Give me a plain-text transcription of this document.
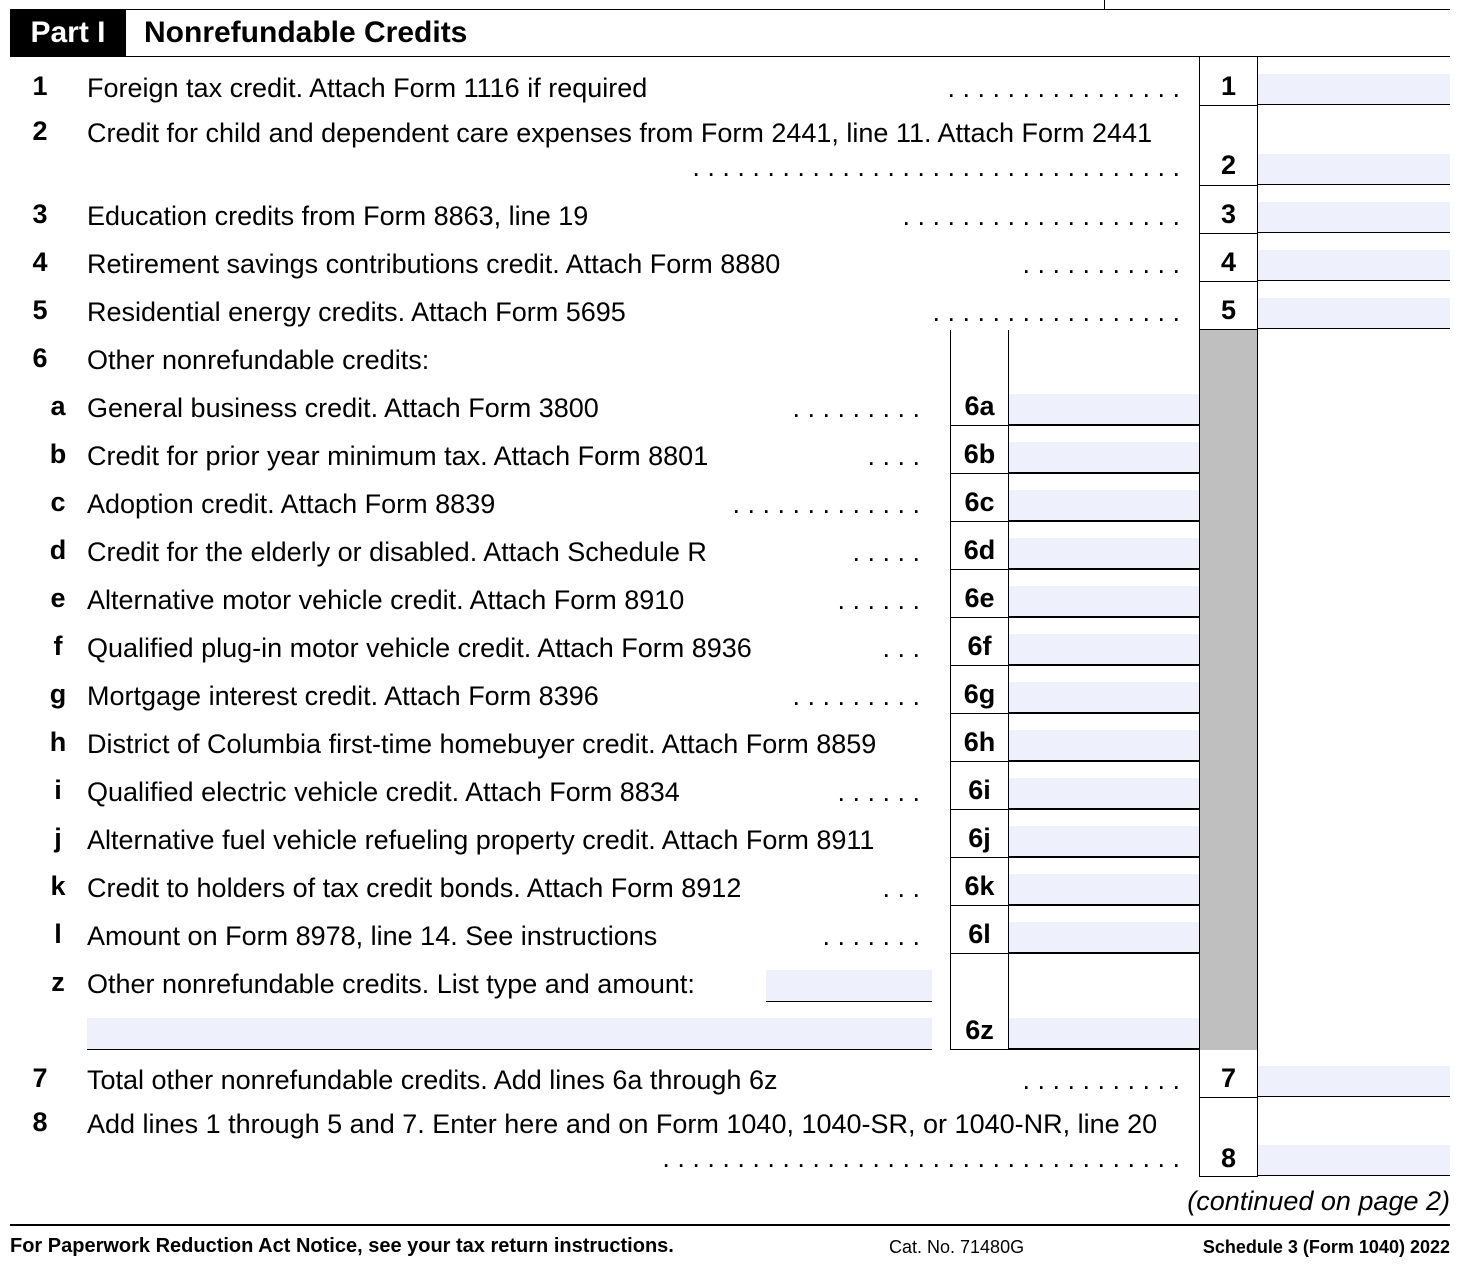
Part I	Nonrefundable Credits
1	Foreign tax credit. Attach Form 1116 if required	. . . . . . . . . . . . . . . .	1
2	Credit for child and dependent care expenses from Form 2441, line 11. Attach Form 2441
. . . . . . . . . . . . . . . . . . . . . . . . . . . . . . . . .	2
3	Education credits from Form 8863, line 19	. . . . . . . . . . . . . . . . . . .	3
4	Retirement savings contributions credit. Attach Form 8880	. . . . . . . . . . .	4
5	Residential energy credits. Attach Form 5695	. . . . . . . . . . . . . . . . .	5
6	Other nonrefundable credits:
a General business credit. Attach Form 3800	. . . . . . . . .	6a
b Credit for prior year minimum tax. Attach Form 8801	. . . .	6b
c Adoption credit. Attach Form 8839	. . . . . . . . . . . . .	6c
d Credit for the elderly or disabled. Attach Schedule R	. . . . .	6d
e Alternative motor vehicle credit. Attach Form 8910	. . . . . .	6e
f Qualified plug-in motor vehicle credit. Attach Form 8936	. . .	6f
g Mortgage interest credit. Attach Form 8396	. . . . . . . . .	6g
h District of Columbia first-time homebuyer credit. Attach Form 8859	6h
i Qualified electric vehicle credit. Attach Form 8834	. . . . . .	6i
j Alternative fuel vehicle refueling property credit. Attach Form 8911	6j
k Credit to holders of tax credit bonds. Attach Form 8912	. . .	6k
l Amount on Form 8978, line 14. See instructions	. . . . . . .	6l
z Other nonrefundable credits. List type and amount:
6z
7	Total other nonrefundable credits. Add lines 6a through 6z	. . . . . . . . . . .	7
8	Add lines 1 through 5 and 7. Enter here and on Form 1040, 1040-SR, or 1040-NR, line 20
. . . . . . . . . . . . . . . . . . . . . . . . . . . . . . . . . . .	8
(continued on page 2)
For Paperwork Reduction Act Notice, see your tax return instructions.	Cat. No. 71480G	Schedule 3 (Form 1040) 2022
